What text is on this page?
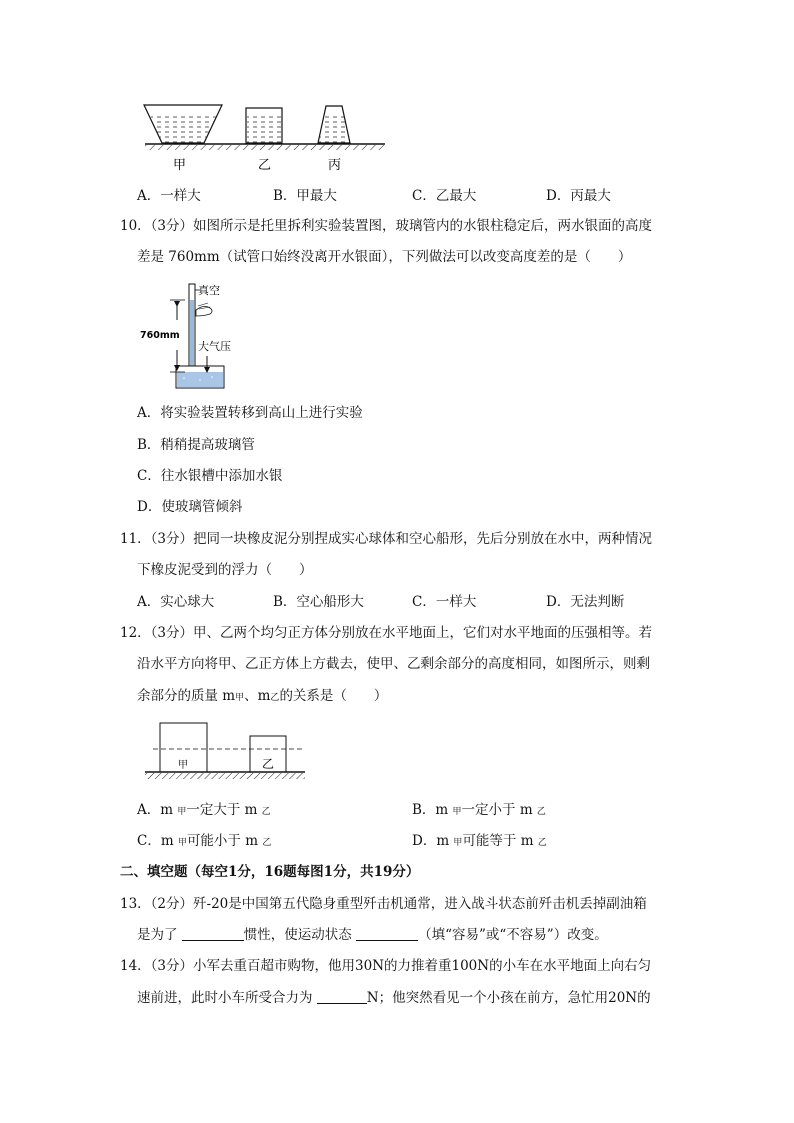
甲	乙	丙
A．一样大	B．甲最大	C．乙最大	D．丙最大
10．（3分）如图所示是托里拆利实验装置图，玻璃管内的水银柱稳定后，两水银面的高度
差是 760mm（试管口始终没离开水银面），下列做法可以改变高度差的是（　　）
真空
760mm
大气压
A．将实验装置转移到高山上进行实验
B．稍稍提高玻璃管
C．往水银槽中添加水银
D．使玻璃管倾斜
11．（3分）把同一块橡皮泥分别捏成实心球体和空心船形，先后分别放在水中，两种情况
下橡皮泥受到的浮力（　　）
A．实心球大	B．空心船形大	C．一样大	D．无法判断
12．（3分）甲、乙两个均匀正方体分别放在水平地面上，它们对水平地面的压强相等。若
沿水平方向将甲、乙正方体上方截去，使甲、乙剩余部分的高度相同，如图所示，则剩
余部分的质量 m甲、m乙的关系是（　　）
甲	乙
A．m 甲一定大于 m 乙	B．m 甲一定小于 m 乙
C．m 甲可能小于 m 乙	D．m 甲可能等于 m 乙
二、填空题（每空1分，16题每图1分，共19分）
13．（2分）歼-20是中国第五代隐身重型歼击机通常，进入战斗状态前歼击机丢掉副油箱
是为了	惯性，使运动状态	（填“容易”或“不容易”）改变。
14．（3分）小军去重百超市购物，他用30N的力推着重100N的小车在水平地面上向右匀
速前进，此时小车所受合力为	N；他突然看见一个小孩在前方，急忙用20N的
